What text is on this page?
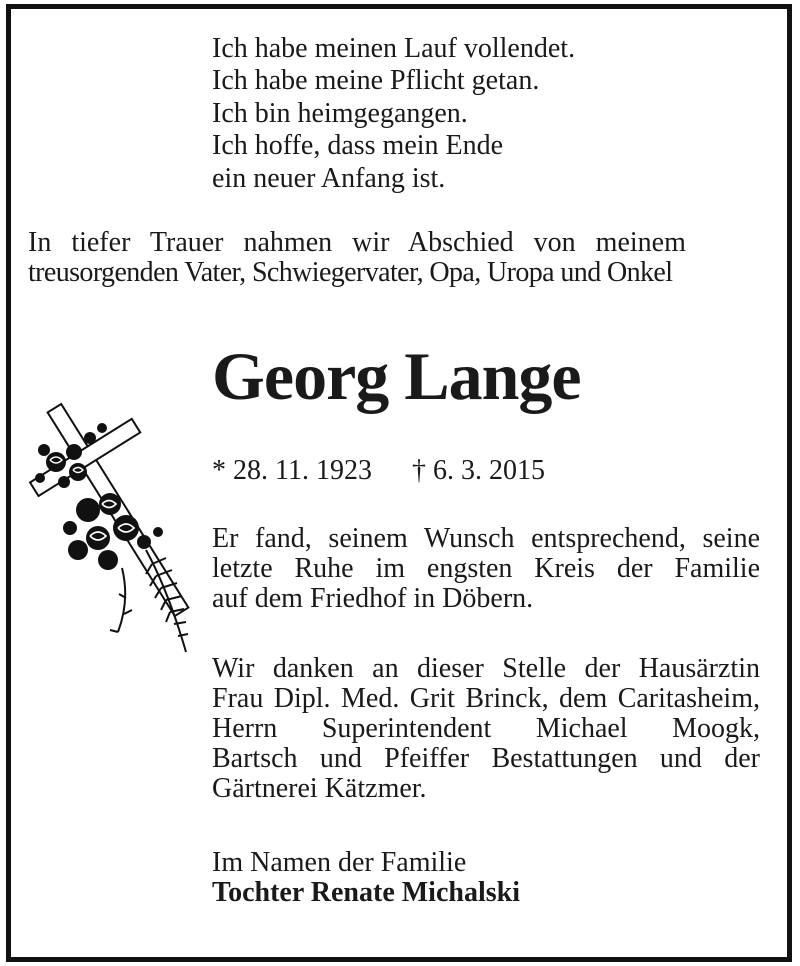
Ich habe meinen Lauf vollendet.
Ich habe meine Pflicht getan.
Ich bin heimgegangen.
Ich hoffe, dass mein Ende
ein neuer Anfang ist.
In tiefer Trauer nahmen wir Abschied von meinem
treusorgenden Vater, Schwiegervater, Opa, Uropa und Onkel
Georg Lange
* 28. 11. 1923 † 6. 3. 2015
Er fand, seinem Wunsch entsprechend, seine
letzte Ruhe im engsten Kreis der Familie
auf dem Friedhof in Döbern.
Wir danken an dieser Stelle der Hausärztin
Frau Dipl. Med. Grit Brinck, dem Caritasheim,
Herrn Superintendent Michael Moogk,
Bartsch und Pfeiffer Bestattungen und der
Gärtnerei Kätzmer.
Im Namen der Familie
Tochter Renate Michalski
